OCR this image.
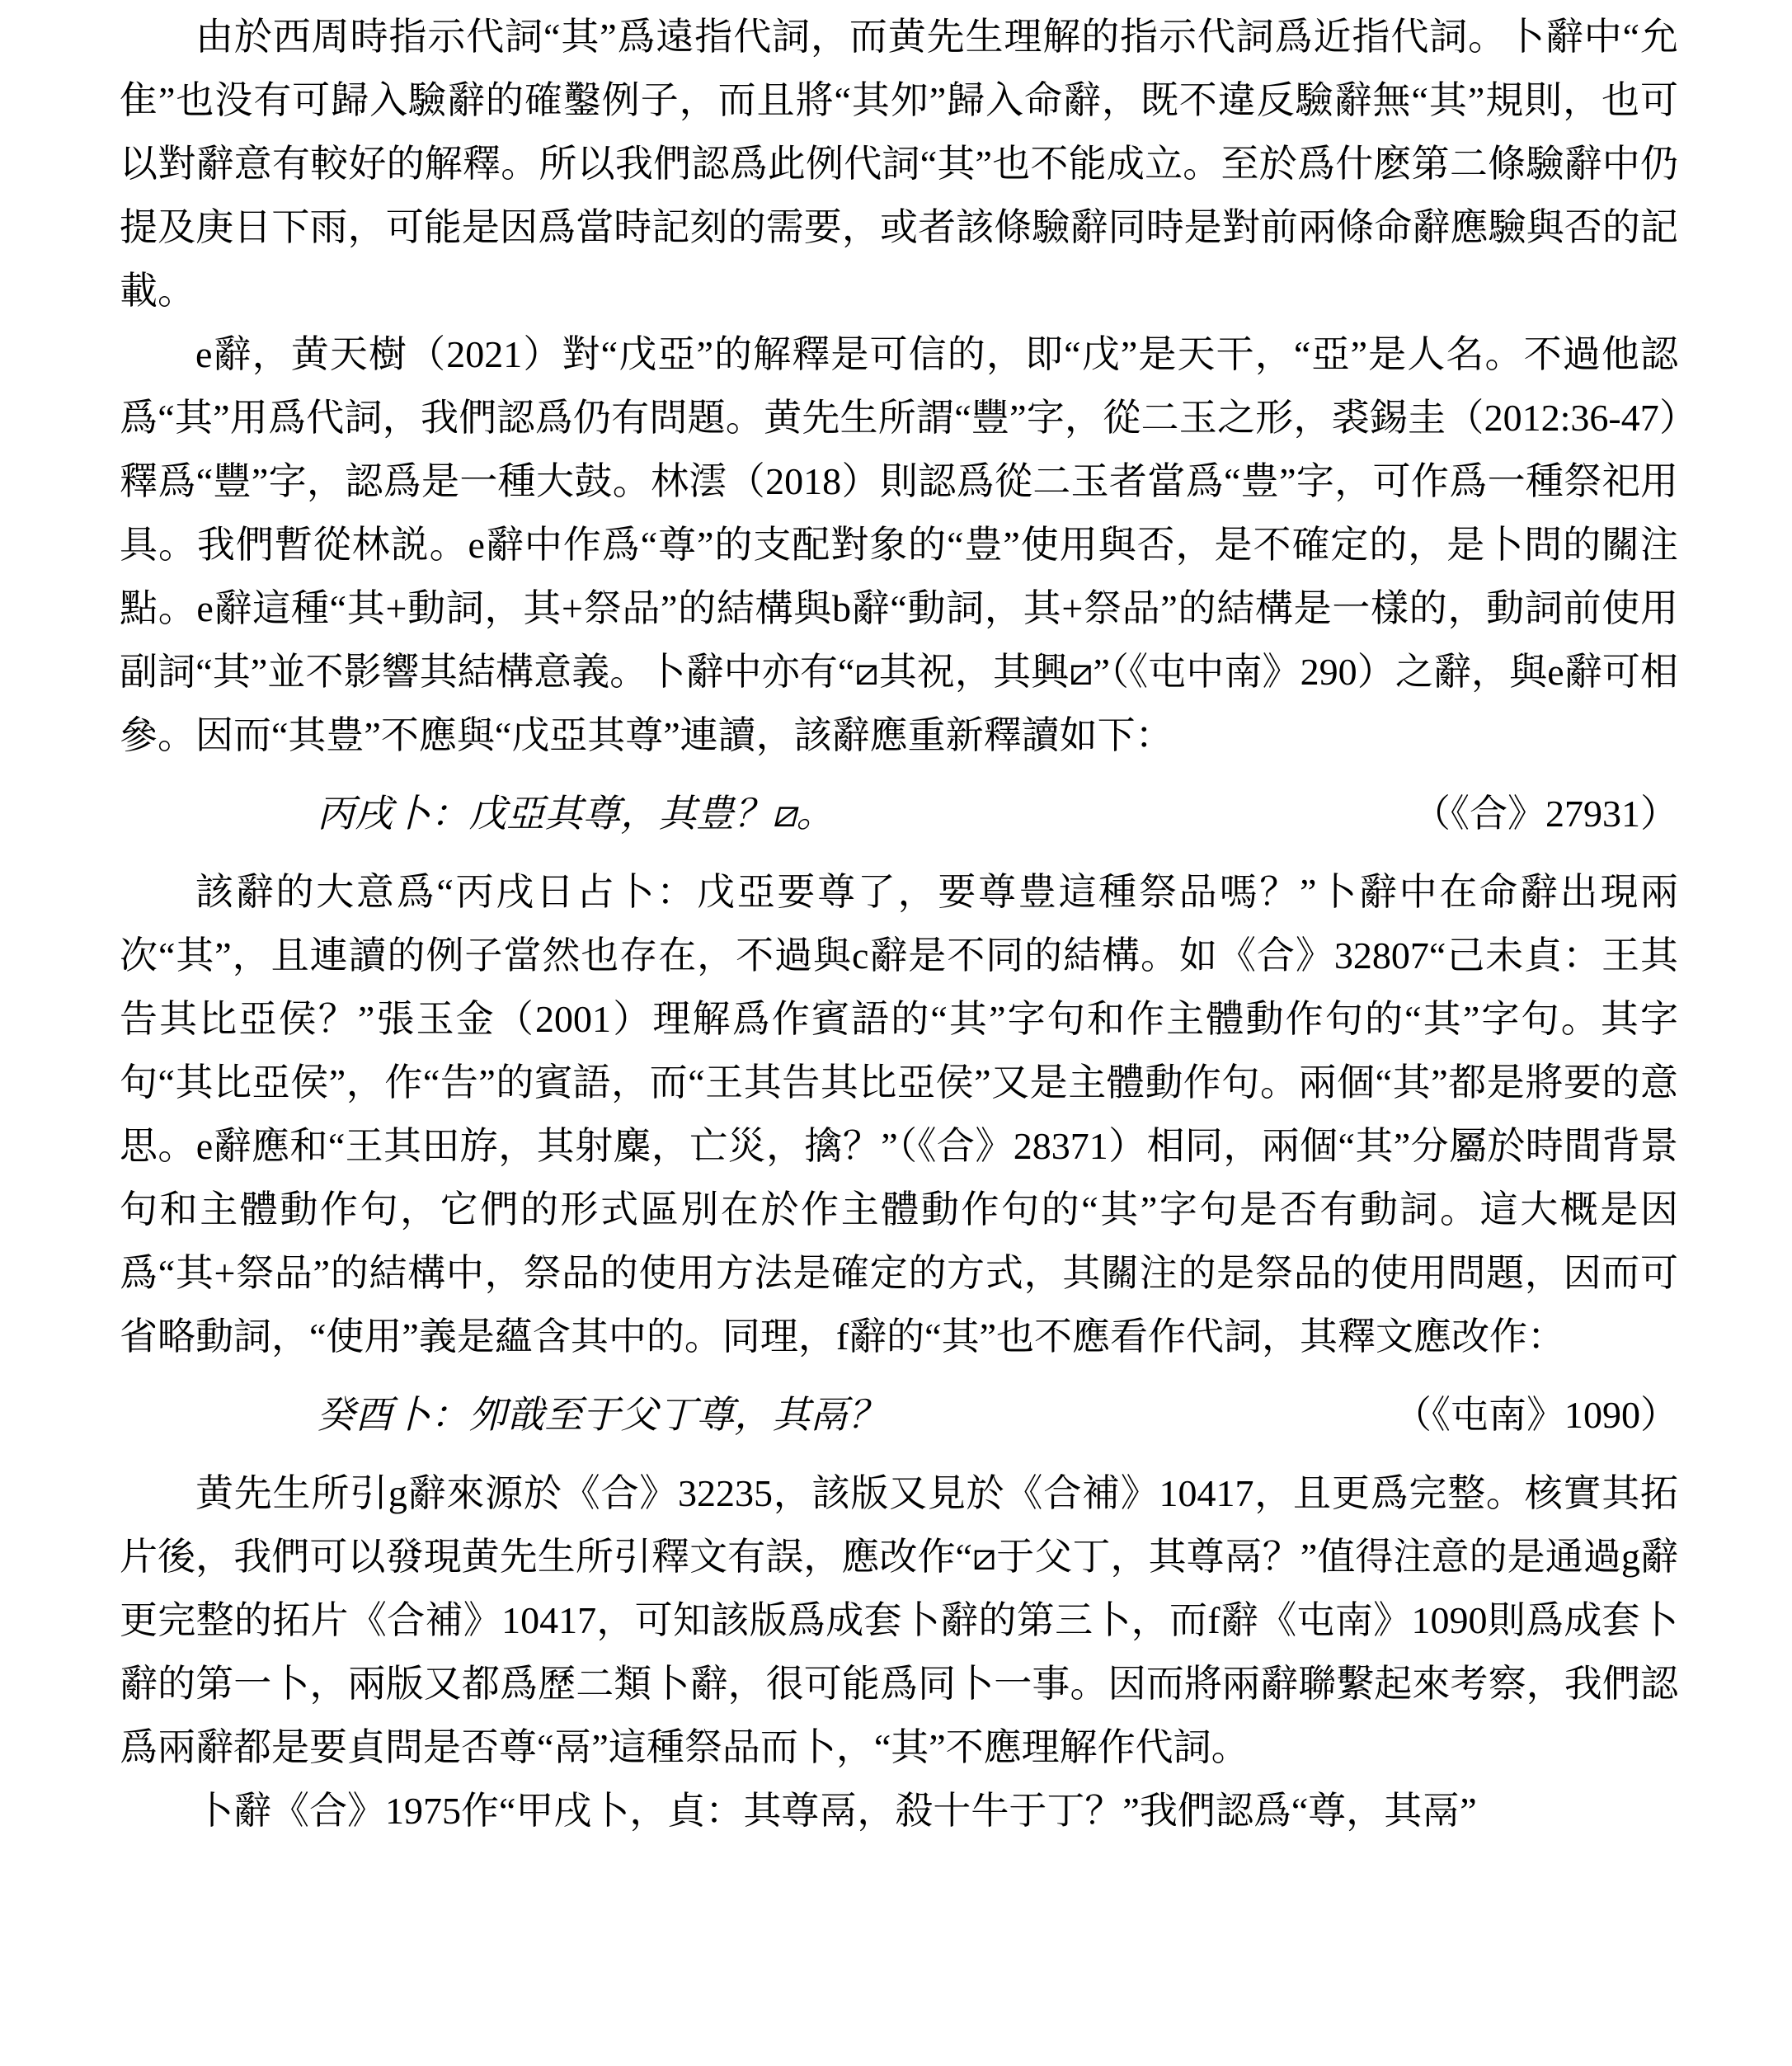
由於西周時指示代詞“其”爲遠指代詞，而黄先生理解的指示代詞爲近指代詞。卜辭中“允隹”也没有可歸入驗辭的確鑿例子，而且將“其夘”歸入命辭，既不違反驗辭無“其”規則，也可以對辭意有較好的解釋。所以我們認爲此例代詞“其”也不能成立。至於爲什麽第二條驗辭中仍提及庚日下雨，可能是因爲當時記刻的需要，或者該條驗辭同時是對前兩條命辭應驗與否的記載。

e辭，黄天樹（2021）對“戊亞”的解釋是可信的，即“戊”是天干，“亞”是人名。不過他認爲“其”用爲代詞，我們認爲仍有問題。黄先生所謂“豐”字，從二玉之形，裘錫圭（2012:36-47）釋爲“豐”字，認爲是一種大鼓。林澐（2018）則認爲從二玉者當爲“豊”字，可作爲一種祭祀用具。我們暫從林説。e辭中作爲“尊”的支配對象的“豊”使用與否，是不確定的，是卜問的關注點。e辭這種“其+動詞，其+祭品”的結構與b辭“動詞，其+祭品”的結構是一樣的，動詞前使用副詞“其”並不影響其結構意義。卜辭中亦有“⧄其祝，其興⧄”（《屯中南》290）之辭，與e辭可相參。因而“其豊”不應與“戊亞其尊”連讀，該辭應重新釋讀如下：

丙戌卜：戊亞其尊，其豊？⧄。	（《合》27931）

該辭的大意爲“丙戌日占卜：戊亞要尊了，要尊豊這種祭品嗎？”卜辭中在命辭出現兩次“其”，且連讀的例子當然也存在，不過與c辭是不同的結構。如《合》32807“己未貞：王其告其比亞侯？”張玉金（2001）理解爲作賓語的“其”字句和作主體動作句的“其”字句。其字句“其比亞侯”，作“告”的賓語，而“王其告其比亞侯”又是主體動作句。兩個“其”都是將要的意思。e辭應和“王其田斿，其射麋，亡災，擒？”（《合》28371）相同，兩個“其”分屬於時間背景句和主體動作句，它們的形式區別在於作主體動作句的“其”字句是否有動詞。這大概是因爲“其+祭品”的結構中，祭品的使用方法是確定的方式，其關注的是祭品的使用問題，因而可省略動詞，“使用”義是蘊含其中的。同理，f辭的“其”也不應看作代詞，其釋文應改作：

癸酉卜：夘戠至于父丁尊，其鬲？	（《屯南》1090）

黄先生所引g辭來源於《合》32235，該版又見於《合補》10417，且更爲完整。核實其拓片後，我們可以發現黄先生所引釋文有誤，應改作“⧄于父丁，其尊鬲？”值得注意的是通過g辭更完整的拓片《合補》10417，可知該版爲成套卜辭的第三卜，而f辭《屯南》1090則爲成套卜辭的第一卜，兩版又都爲歷二類卜辭，很可能爲同卜一事。因而將兩辭聯繫起來考察，我們認爲兩辭都是要貞問是否尊“鬲”這種祭品而卜，“其”不應理解作代詞。

卜辭《合》1975作“甲戌卜，貞：其尊鬲，殺十牛于丁？”我們認爲“尊，其鬲”
